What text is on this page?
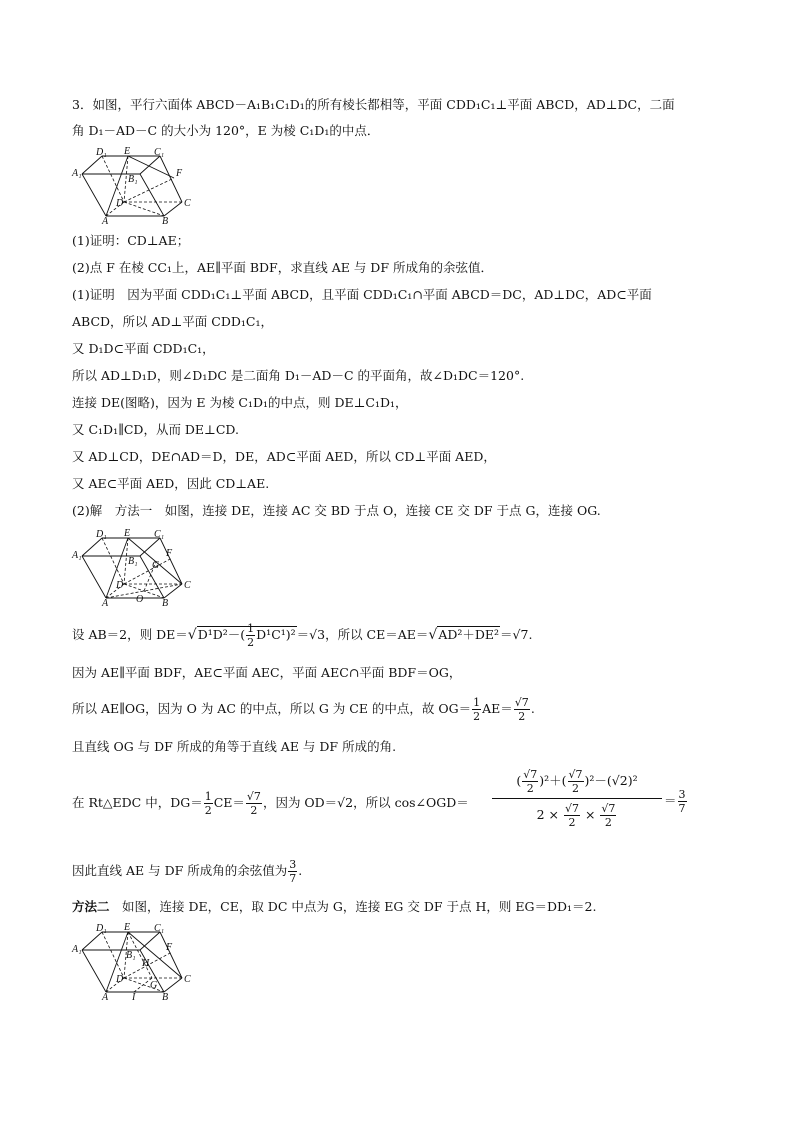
3．如图，平行六面体 ABCD－A₁B₁C₁D₁的所有棱长都相等，平面 CDD₁C₁⊥平面 ABCD，AD⊥DC，二面
角 D₁－AD－C 的大小为 120°，E 为棱 C₁D₁的中点．
D₁ E C₁
A₁
B₁
F
D	C
A	B
(1)证明：CD⊥AE；
(2)点 F 在棱 CC₁上，AE∥平面 BDF，求直线 AE 与 DF 所成角的余弦值．
(1)证明　因为平面 CDD₁C₁⊥平面 ABCD，且平面 CDD₁C₁∩平面 ABCD＝DC，AD⊥DC，AD⊂平面
ABCD，所以 AD⊥平面 CDD₁C₁，
又 D₁D⊂平面 CDD₁C₁，
所以 AD⊥D₁D，则∠D₁DC 是二面角 D₁－AD－C 的平面角，故∠D₁DC＝120°.
连接 DE(图略)，因为 E 为棱 C₁D₁的中点，则 DE⊥C₁D₁，
又 C₁D₁∥CD，从而 DE⊥CD.
又 AD⊥CD，DE∩AD＝D，DE，AD⊂平面 AED，所以 CD⊥平面 AED，
又 AE⊂平面 AED，因此 CD⊥AE.
(2)解　方法一　如图，连接 DE，连接 AC 交 BD 于点 O，连接 CE 交 DF 于点 G，连接 OG.
D₁ E C₁
A₁
B₁ G
F
D	C
A	O B
设 AB＝2，则 $DE=√D^1D^2-( \frac{1}{2} D^1C^1)^2=√3$，所以 CE＝AE＝√AD²＋DE²＝√7.
因为 AE∥平面 BDF，AE⊂平面 AEC，平面 AEC∩平面 BDF＝OG，
所以 AE∥OG，因为 O 为 AC 的中点，所以 G 为 CE 的中点，故 $OG= \frac{1}{2} AE= \frac{√7}{2}$ .
且直线 OG 与 DF 所成的角等于直线 AE 与 DF 所成的角.
在 Rt△EDC 中，$DG= \frac{1}{2} CE= \frac{√7}{2}$ ，因为 OD＝√2，所以 cos∠OGD＝
( $\frac{√7}{2} )^2+( \frac{√7}{2} )^2-(√2)^2$
$2 \times \frac{√7}{2} \times \frac{√7}{2}$
＝ $\frac{3}{7}$
因此直线 AE 与 DF 所成角的余弦值为 $\frac{3}{7}$ .
方法二　如图，连接 DE，CE，取 DC 中点为 G，连接 EG 交 DF 于点 H，则 EG＝DD₁＝2.
D₁ E C₁
A₁
B₁
H
F
D
G
C
A I	B
